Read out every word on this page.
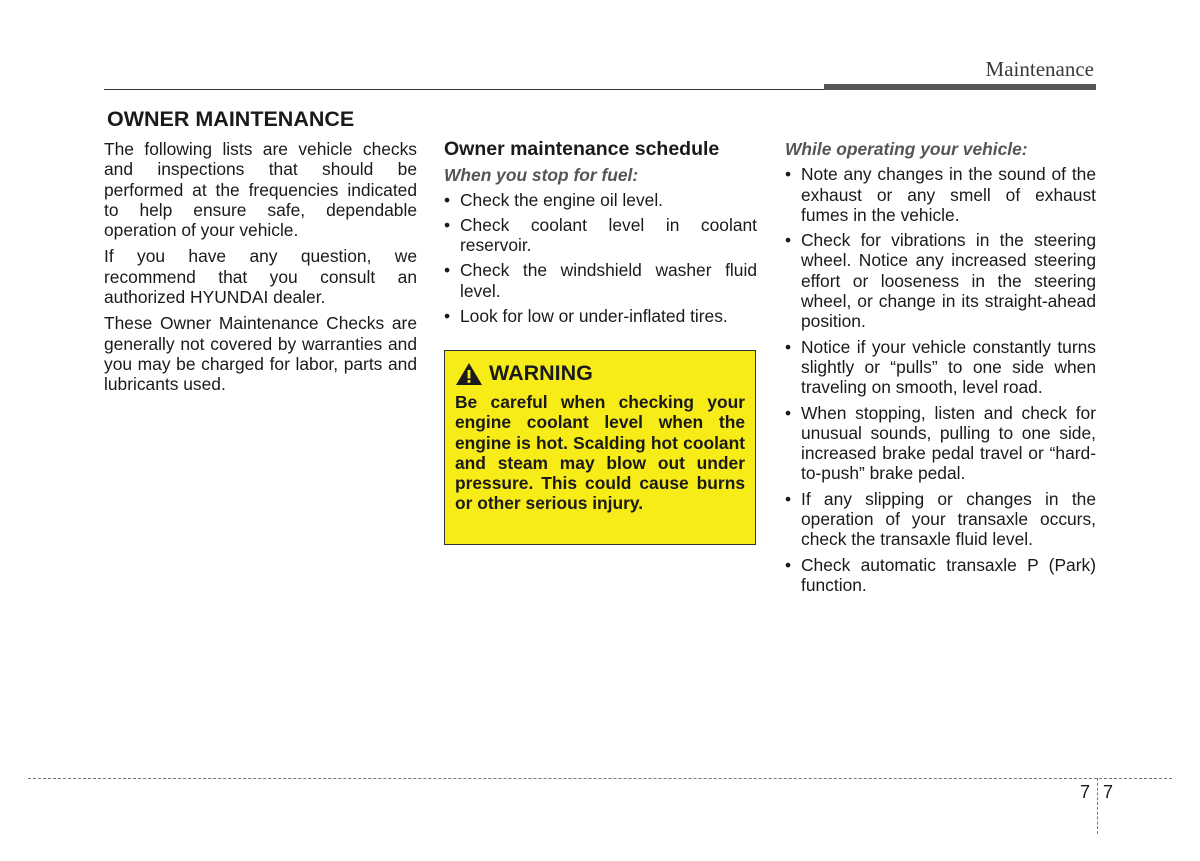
Maintenance
OWNER MAINTENANCE

The following lists are vehicle checks and inspections that should be performed at the frequencies indicated to help ensure safe, dependable operation of your vehicle.

If you have any question, we recommend that you consult an authorized HYUNDAI dealer.

These Owner Maintenance Checks are generally not covered by warranties and you may be charged for labor, parts and lubricants used.

Owner maintenance schedule
When you stop for fuel:
• Check the engine oil level.
• Check coolant level in coolant reservoir.
• Check the windshield washer fluid level.
• Look for low or under-inflated tires.
WARNING

Be careful when checking your engine coolant level when the engine is hot. Scalding hot coolant and steam may blow out under pressure. This could cause burns or other serious injury.

While operating your vehicle:
• Note any changes in the sound of the exhaust or any smell of exhaust fumes in the vehicle.
• Check for vibrations in the steering wheel. Notice any increased steering effort or looseness in the steering wheel, or change in its straight-ahead position.
• Notice if your vehicle constantly turns slightly or “pulls” to one side when traveling on smooth, level road.
• When stopping, listen and check for unusual sounds, pulling to one side, increased brake pedal travel or “hard-to-push” brake pedal.
• If any slipping or changes in the operation of your transaxle occurs, check the transaxle fluid level.
• Check automatic transaxle P (Park) function.
7 7
